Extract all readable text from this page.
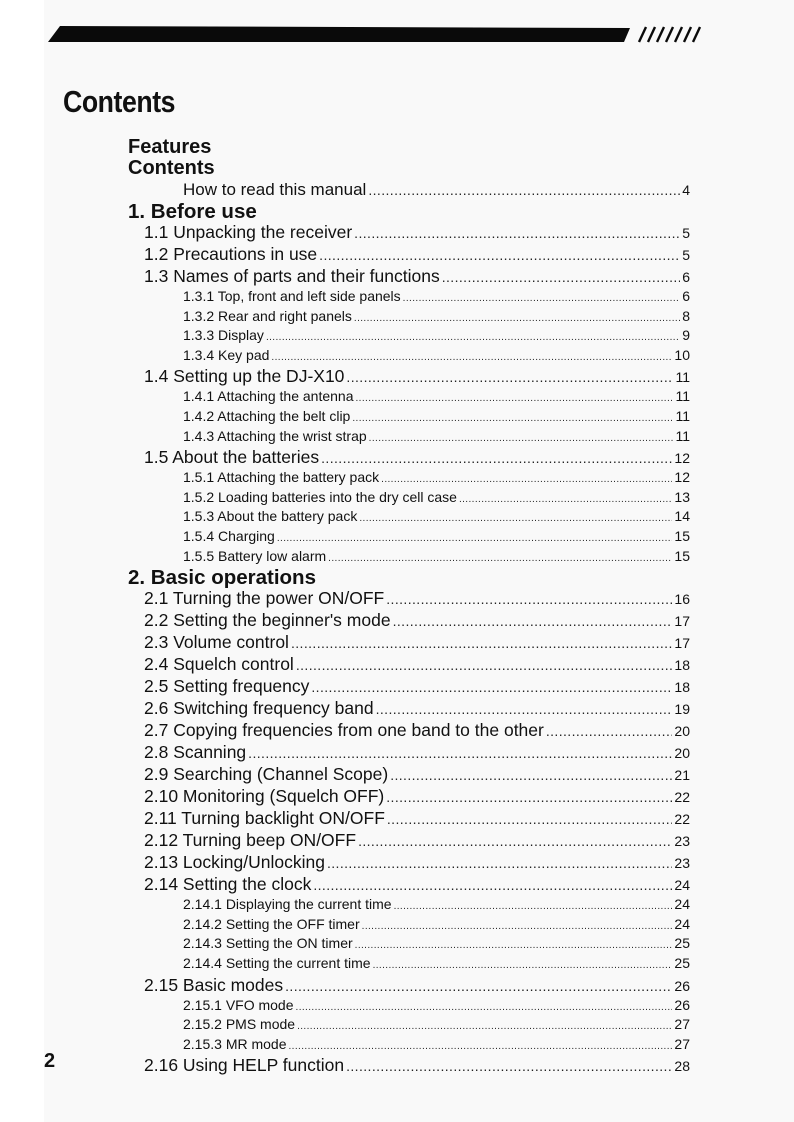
Contents
Features
Contents
How to read this manual .....	4
1. Before use
1.1 Unpacking the receiver .....	5
1.2 Precautions in use .....	5
1.3 Names of parts and their functions .....	6
1.3.1 Top, front and left side panels .....	6
1.3.2 Rear and right panels .....	8
1.3.3 Display .....	9
1.3.4 Key pad .....	10
1.4 Setting up the DJ-X10 .....	11
1.4.1 Attaching the antenna .....	11
1.4.2 Attaching the belt clip .....	11
1.4.3 Attaching the wrist strap .....	11
1.5 About the batteries .....	12
1.5.1 Attaching the battery pack .....	12
1.5.2 Loading batteries into the dry cell case .....	13
1.5.3 About the battery pack .....	14
1.5.4 Charging .....	15
1.5.5 Battery low alarm .....	15
2. Basic operations
2.1 Turning the power ON/OFF .....	16
2.2 Setting the beginner's mode .....	17
2.3 Volume control .....	17
2.4 Squelch control .....	18
2.5 Setting frequency .....	18
2.6 Switching frequency band .....	19
2.7 Copying frequencies from one band to the other .....	20
2.8 Scanning .....	20
2.9 Searching (Channel Scope) .....	21
2.10 Monitoring (Squelch OFF) .....	22
2.11 Turning backlight ON/OFF .....	22
2.12 Turning beep ON/OFF .....	23
2.13 Locking/Unlocking .....	23
2.14 Setting the clock .....	24
2.14.1 Displaying the current time .....	24
2.14.2 Setting the OFF timer .....	24
2.14.3 Setting the ON timer .....	25
2.14.4 Setting the current time .....	25
2.15 Basic modes .....	26
2.15.1 VFO mode .....	26
2.15.2 PMS mode .....	27
2.15.3 MR mode .....	27
2.16 Using HELP function .....	28
2
